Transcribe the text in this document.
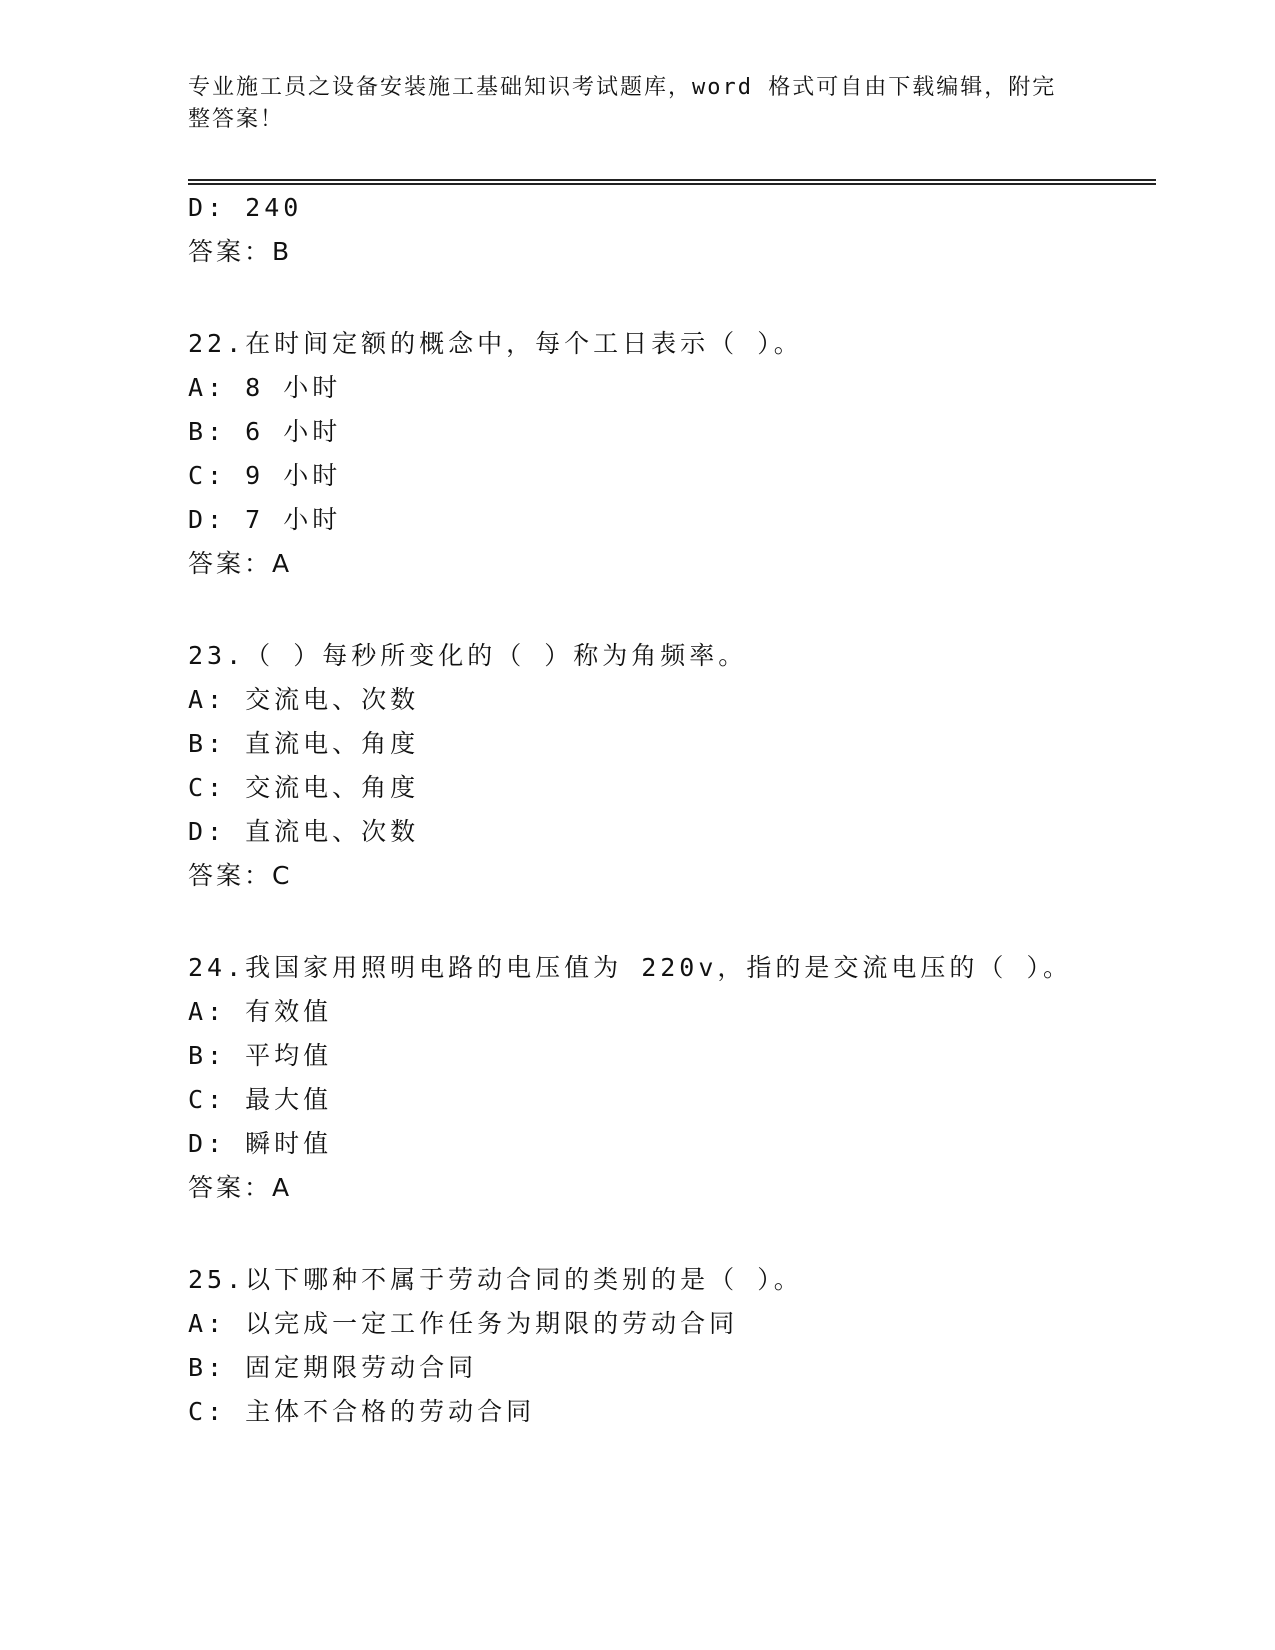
专业施工员之设备安装施工基础知识考试题库，word 格式可自由下载编辑，附完
整答案！
D: 240
答案：B
22.在时间定额的概念中，每个工日表示（ ）。
A: 8 小时
B: 6 小时
C: 9 小时
D: 7 小时
答案：A
23.（ ）每秒所变化的（ ）称为角频率。
A: 交流电、次数
B: 直流电、角度
C: 交流电、角度
D: 直流电、次数
答案：C
24.我国家用照明电路的电压值为 220v，指的是交流电压的（ ）。
A: 有效值
B: 平均值
C: 最大值
D: 瞬时值
答案：A
25.以下哪种不属于劳动合同的类别的是（ ）。
A: 以完成一定工作任务为期限的劳动合同
B: 固定期限劳动合同
C: 主体不合格的劳动合同
